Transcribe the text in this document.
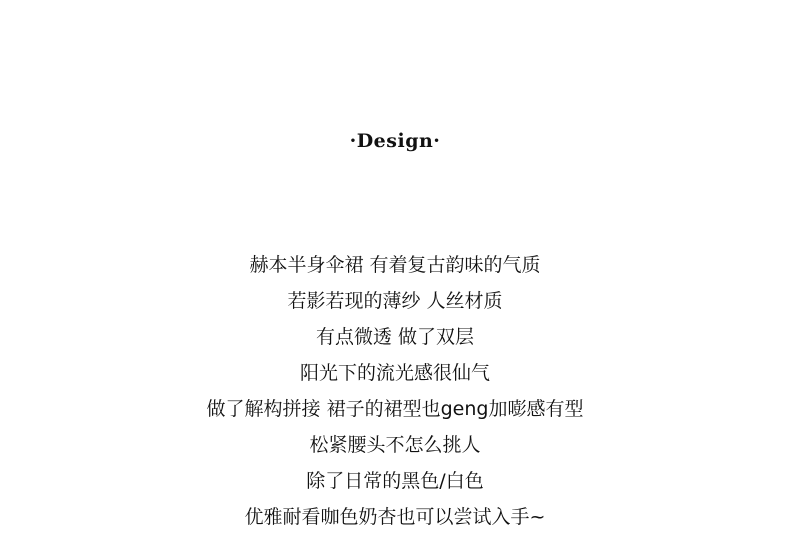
·Design·
赫本半身伞裙 有着复古韵味的气质
若影若现的薄纱 人丝材质
有点微透 做了双层
阳光下的流光感很仙气
做了解构拼接 裙子的裙型也geng加嘭感有型
松紧腰头不怎么挑人
除了日常的黑色/白色
优雅耐看咖色奶杏也可以尝试入手~
